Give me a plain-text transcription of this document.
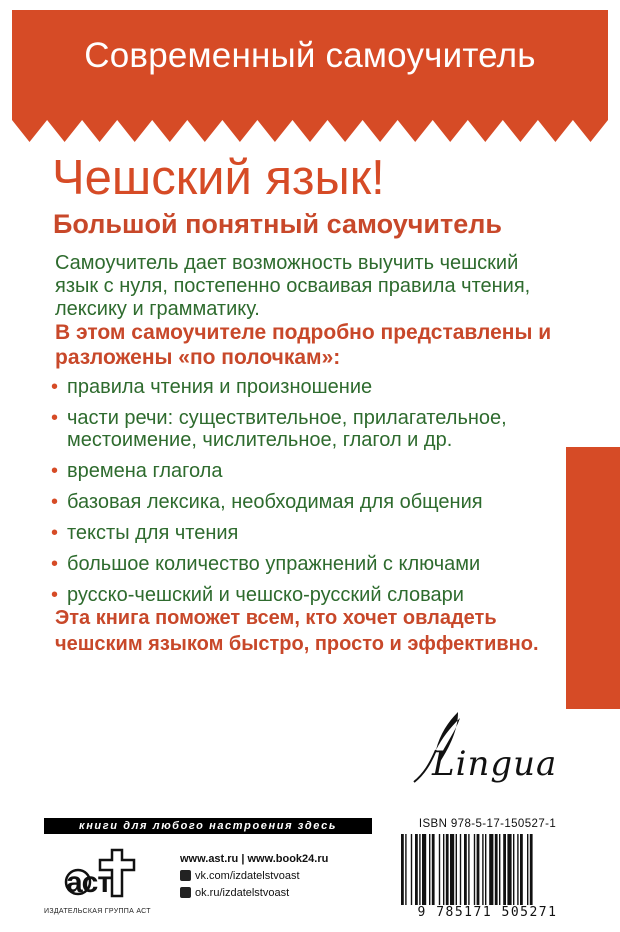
Современный самоучитель
Чешский язык!
Большой понятный самоучитель
Самоучитель дает возможность выучить чешский язык с нуля, постепенно осваивая правила чтения, лексику и грамматику.
В этом самоучителе подробно представлены и разложены «по полочкам»:
• правила чтения и произношение
• части речи: существительное, прилагательное, местоимение, числительное, глагол и др.
• времена глагола
• базовая лексика, необходимая для общения
• тексты для чтения
• большое количество упражнений с ключами
• русско-чешский и чешско-русский словари
Эта книга поможет всем, кто хочет овладеть чешским языком быстро, просто и эффективно.
Lingua
книги для любого настроения здесь
аст
ИЗДАТЕЛЬСКАЯ ГРУППА АСТ
www.ast.ru | www.book24.ru
vk.com/izdatelstvoast
ok.ru/izdatelstvoast
ISBN 978-5-17-150527-1
9 785171 505271
